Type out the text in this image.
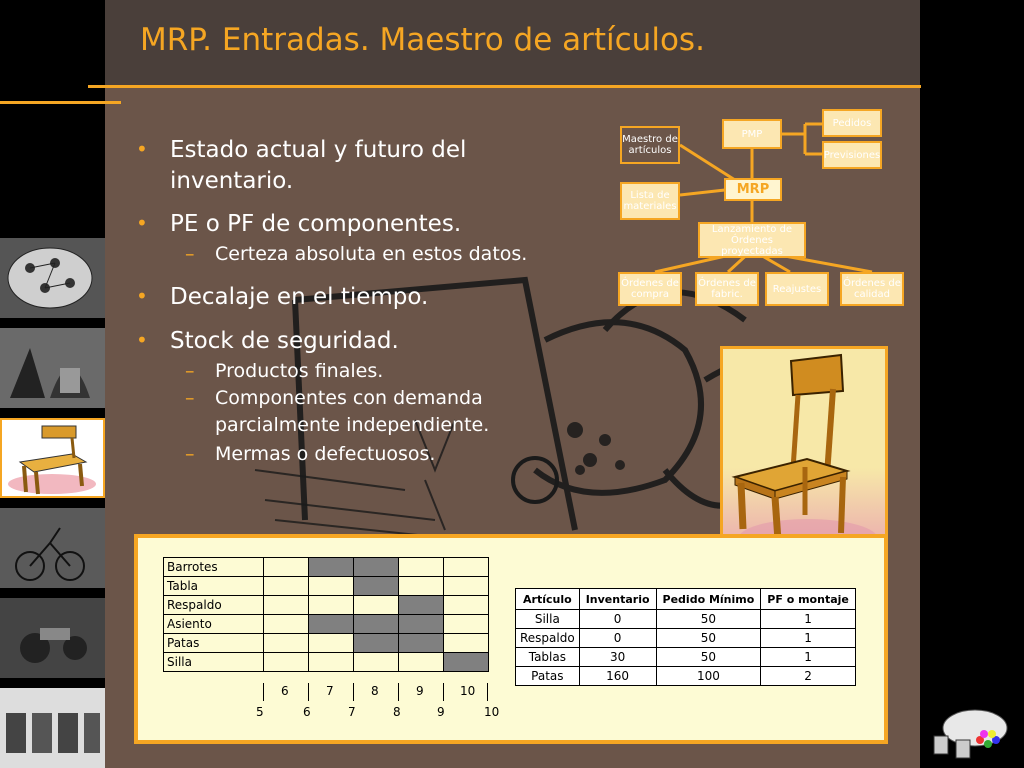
MRP. Entradas. Maestro de artículos.
• Estado actual y futuro del
inventario.
• PE o PF de componentes.
– Certeza absoluta en estos datos.
• Decalaje en el tiempo.
• Stock de seguridad.
– Productos finales.
– Componentes con demanda
parcialmente independiente.
– Mermas o defectuosos.
Maestro de artículos
Lista de materiales
PMP
Pedidos
Previsiones
MRP
Lanzamiento de Órdenes proyectadas
Órdenes de compra
Órdenes de fabric.	Reajustes	Órdenes de calidad
Barrotes					
Tabla					
Respaldo					
Asiento					
Patas					
Silla					
Artículo	Inventario	Pedido Mínimo	PF o montaje
Silla	0	50	1
Respaldo	0	50	1
Tablas	30	50	1
Patas	160	100	2
6	7	8	9	10
5	6	7	8	9	10
